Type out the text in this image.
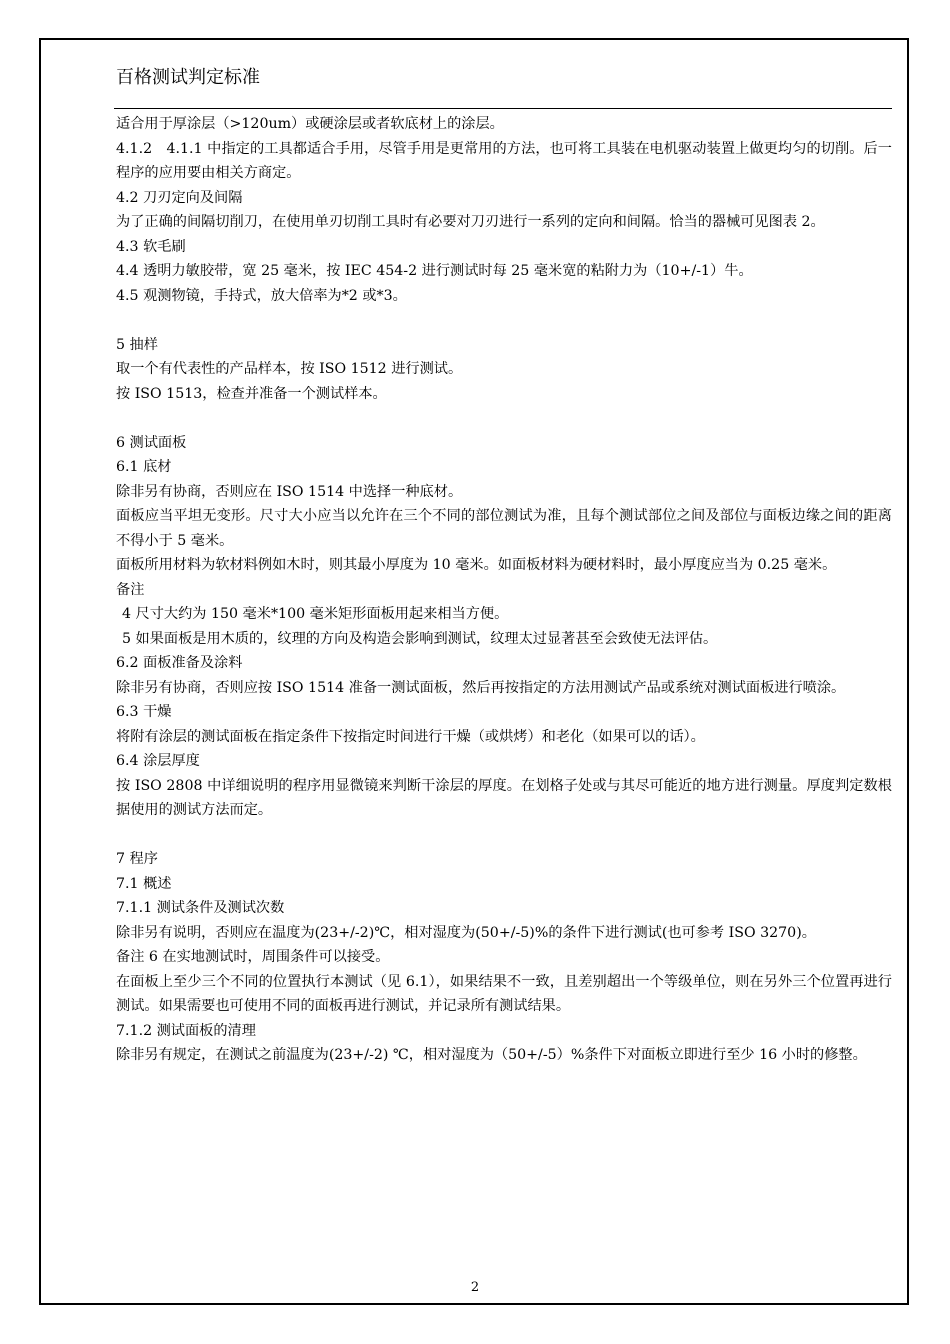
百格测试判定标准

适合用于厚涂层（>120um）或硬涂层或者软底材上的涂层。

4.1.2　4.1.1 中指定的工具都适合手用，尽管手用是更常用的方法，也可将工具装在电机驱动装置上做更均匀的切削。后一程序的应用要由相关方商定。

4.2 刀刃定向及间隔

为了正确的间隔切削刀，在使用单刃切削工具时有必要对刀刃进行一系列的定向和间隔。恰当的器械可见图表 2。

4.3 软毛刷

4.4 透明力敏胶带，宽 25 毫米，按 IEC 454-2 进行测试时每 25 毫米宽的粘附力为（10+/-1）牛。

4.5 观测物镜，手持式，放大倍率为*2 或*3。

5 抽样

取一个有代表性的产品样本，按 ISO 1512 进行测试。

按 ISO 1513，检查并准备一个测试样本。

6 测试面板

6.1 底材

除非另有协商，否则应在 ISO 1514 中选择一种底材。

面板应当平坦无变形。尺寸大小应当以允许在三个不同的部位测试为准，且每个测试部位之间及部位与面板边缘之间的距离不得小于 5 毫米。

面板所用材料为软材料例如木时，则其最小厚度为 10 毫米。如面板材料为硬材料时，最小厚度应当为 0.25 毫米。

备注

4 尺寸大约为 150 毫米*100 毫米矩形面板用起来相当方便。

5 如果面板是用木质的，纹理的方向及构造会影响到测试，纹理太过显著甚至会致使无法评估。

6.2 面板准备及涂料

除非另有协商，否则应按 ISO 1514 准备一测试面板，然后再按指定的方法用测试产品或系统对测试面板进行喷涂。

6.3 干燥

将附有涂层的测试面板在指定条件下按指定时间进行干燥（或烘烤）和老化（如果可以的话）。

6.4 涂层厚度

按 ISO 2808 中详细说明的程序用显微镜来判断干涂层的厚度。在划格子处或与其尽可能近的地方进行测量。厚度判定数根据使用的测试方法而定。

7 程序

7.1 概述

7.1.1 测试条件及测试次数

除非另有说明，否则应在温度为(23+/-2)℃，相对湿度为(50+/-5)%的条件下进行测试(也可参考 ISO 3270)。

备注 6 在实地测试时，周围条件可以接受。

在面板上至少三个不同的位置执行本测试（见 6.1），如果结果不一致，且差别超出一个等级单位，则在另外三个位置再进行测试。如果需要也可使用不同的面板再进行测试，并记录所有测试结果。

7.1.2 测试面板的清理

除非另有规定，在测试之前温度为(23+/-2) ℃，相对湿度为（50+/-5）%条件下对面板立即进行至少 16 小时的修整。

2
